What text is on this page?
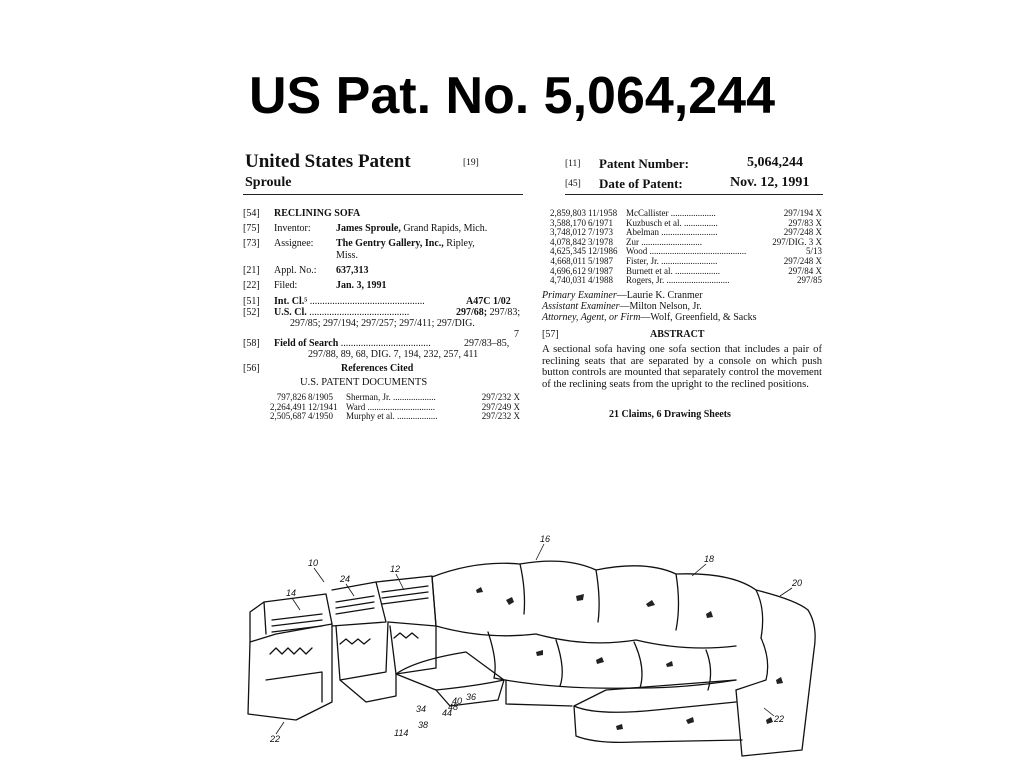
US Pat. No. 5,064,244
United States Patent	[19]
Sproule
[11] Patent Number:	5,064,244
[45] Date of Patent:	Nov. 12, 1991
[54] RECLINING SOFA
[75] Inventor:	James Sproule, Grand Rapids, Mich.
[73] Assignee: The Gentry Gallery, Inc., Ripley,
Miss.
[21] Appl. No.: 637,313
[22] Filed:	Jan. 3, 1991
[51] Int. Cl.⁵ ..............................................	A47C 1/02
[52] U.S. Cl. ........................................	297/68; 297/83;
297/85; 297/194; 297/257; 297/411; 297/DIG.
7
[58] Field of Search ....................................	297/83–85,
297/88, 89, 68, DIG. 7, 194, 232, 257, 411
[56]	References Cited
U.S. PATENT DOCUMENTS
797,826 8/1905 Sherman, Jr. ...................	297/232 X
2,264,491 12/1941 Ward ..............................	297/249 X
2,505,687 4/1950 Murphy et al. ..................	297/232 X
2,859,803 11/1958 McCallister ....................	297/194 X
3,588,170 6/1971 Kuzbusch et al. ...............	297/83 X
3,748,012 7/1973 Abelman .........................	297/248 X
4,078,842 3/1978 Zur ...........................	297/DIG. 3 X
4,625,345 12/1986 Wood ...........................................	5/13
4,668,011 5/1987 Fister, Jr. .........................	297/248 X
4,696,612 9/1987 Burnett et al. ....................	297/84 X
4,740,031 4/1988 Rogers, Jr. ............................	297/85
Primary Examiner—Laurie K. Cranmer
Assistant Examiner—Milton Nelson, Jr.
Attorney, Agent, or Firm—Wolf, Greenfield, & Sacks
[57]	ABSTRACT
A sectional sofa having one sofa section that includes a pair of reclining seats that are separated by a console on which push button controls are mounted that separately control the movement of the reclining seats from the upright to the reclined positions.
21 Claims, 6 Drawing Sheets
10
12
14
16
18
20
22
22
24
34
36
38
40
44
48
114
